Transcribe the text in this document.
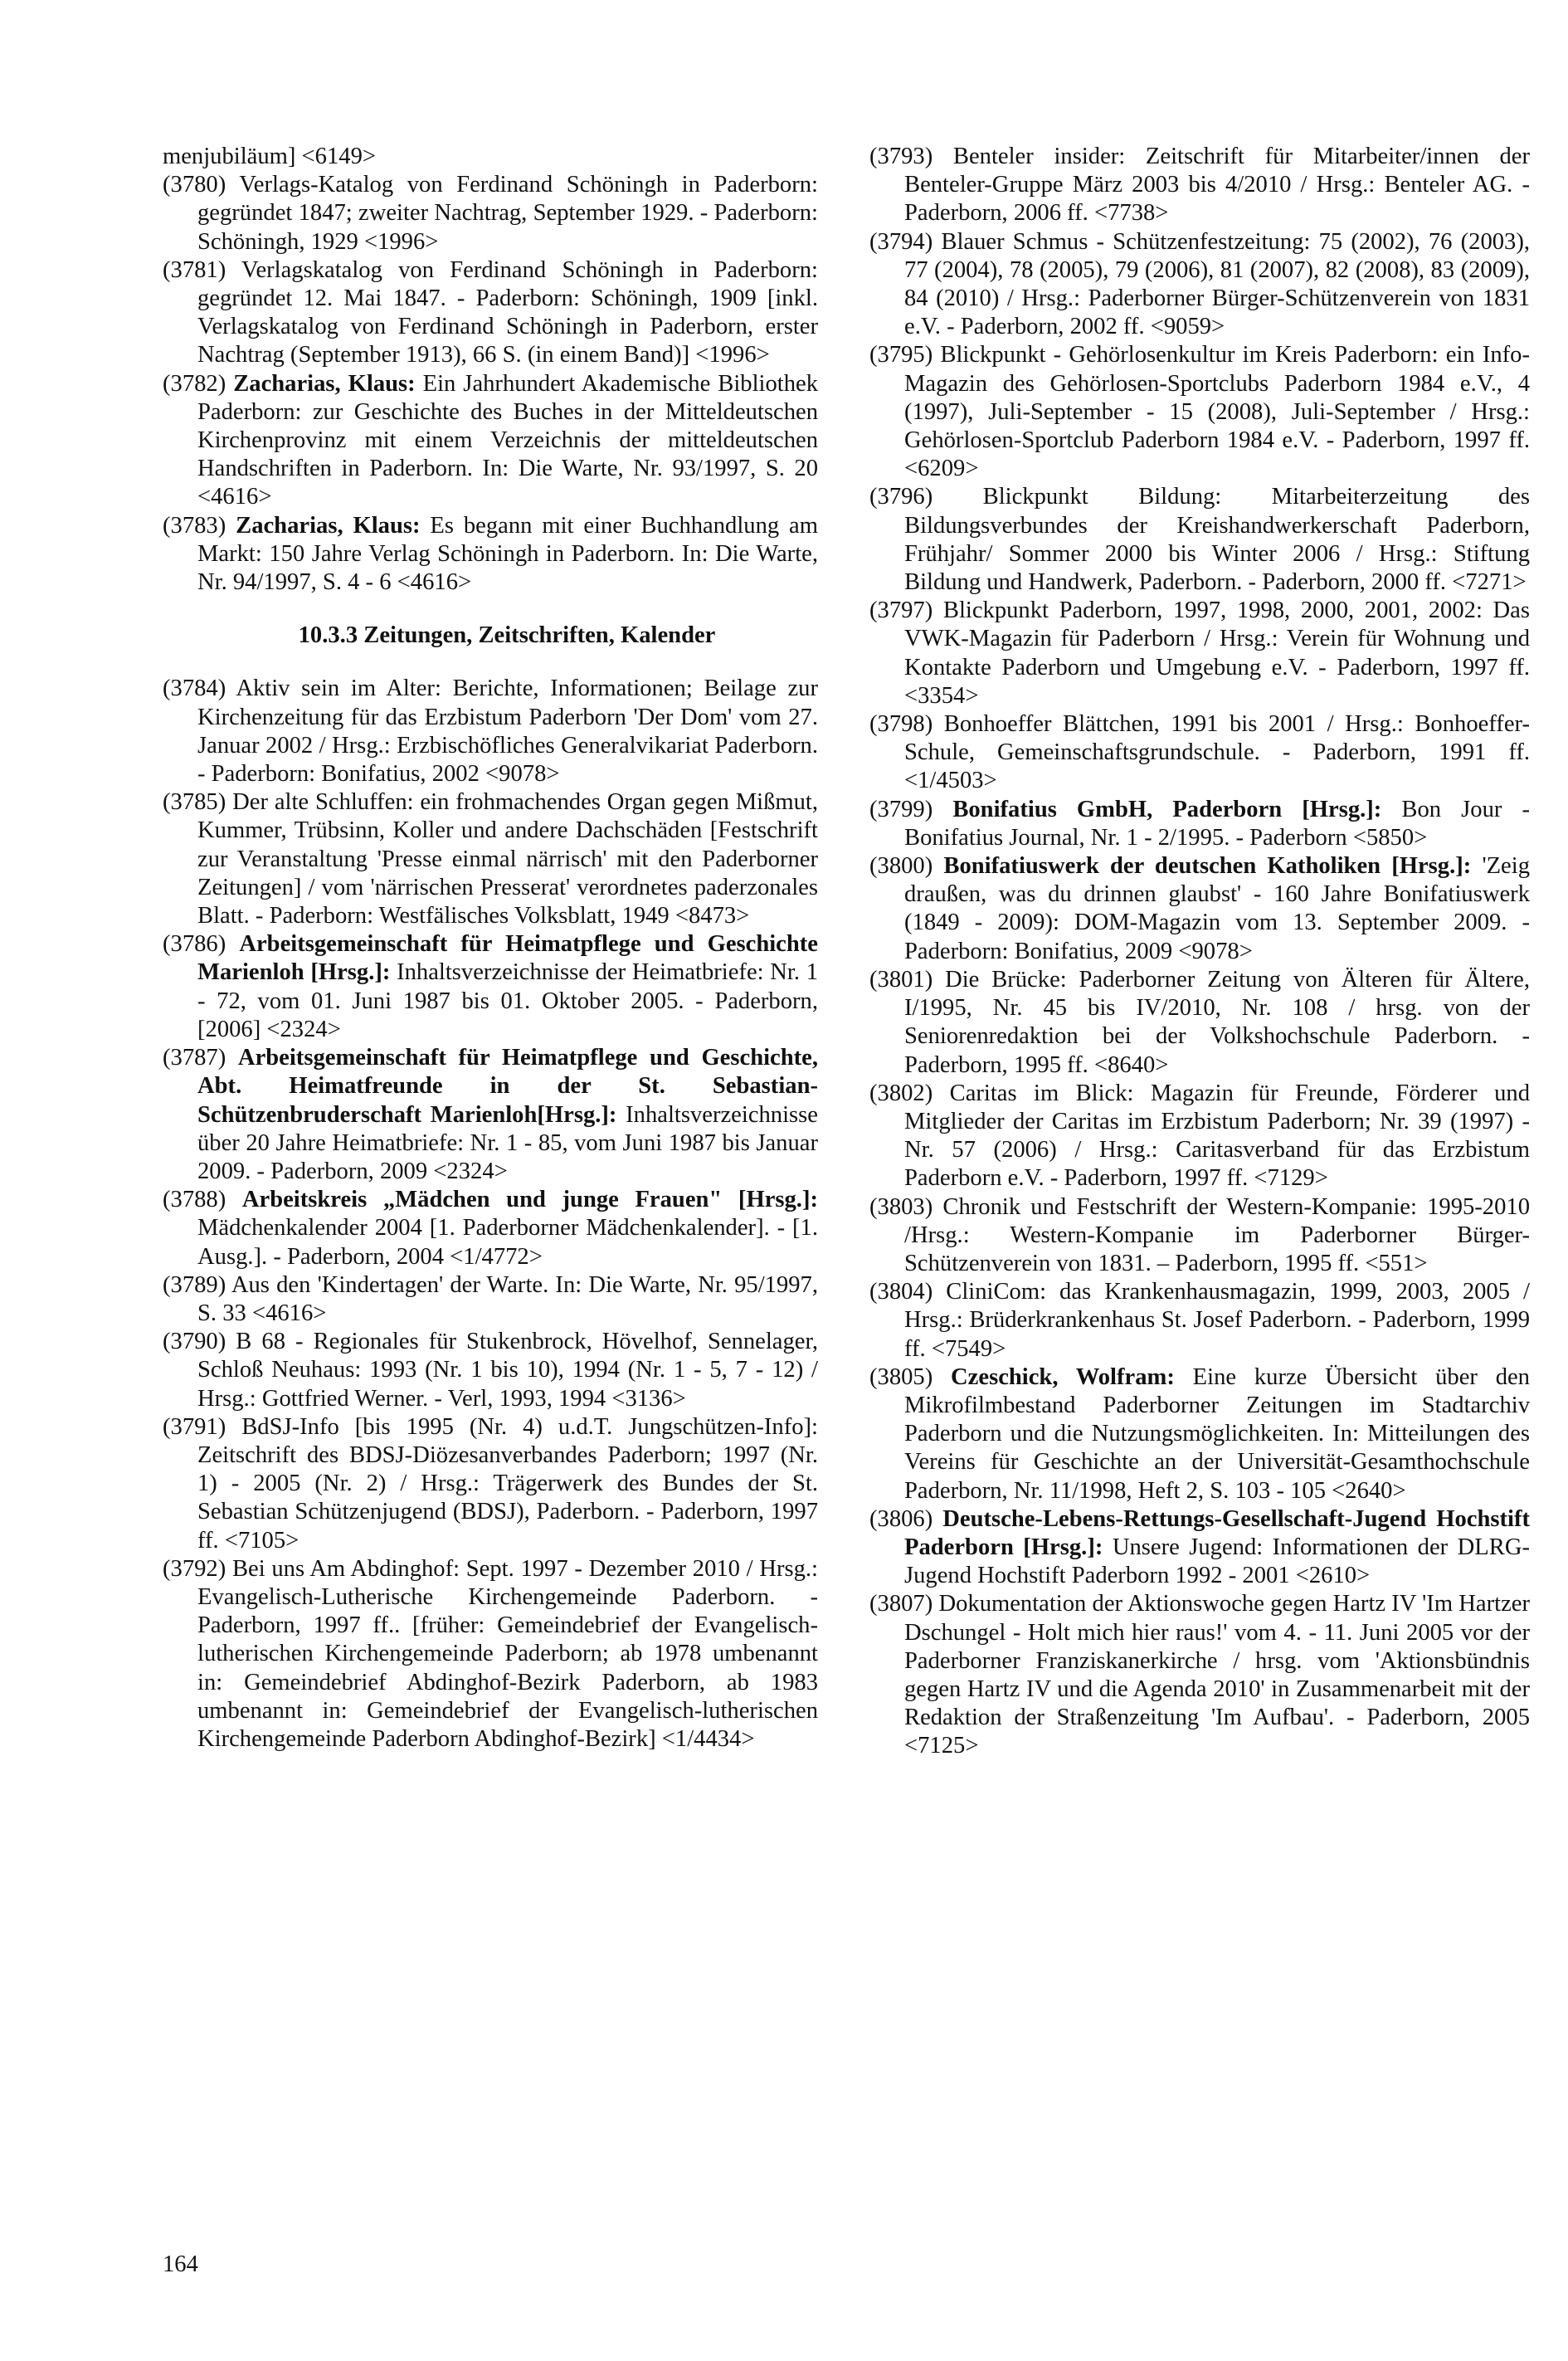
menjubiläum] <6149>

(3780) Verlags-Katalog von Ferdinand Schöningh in Paderborn: gegründet 1847; zweiter Nachtrag, September 1929. - Paderborn: Schöningh, 1929 <1996>

(3781) Verlagskatalog von Ferdinand Schöningh in Paderborn: gegründet 12. Mai 1847. - Paderborn: Schöningh, 1909 [inkl. Verlagskatalog von Ferdinand Schöningh in Paderborn, erster Nachtrag (September 1913), 66 S. (in einem Band)] <1996>

(3782) Zacharias, Klaus: Ein Jahrhundert Akademische Bibliothek Paderborn: zur Geschichte des Buches in der Mitteldeutschen Kirchenprovinz mit einem Verzeichnis der mitteldeutschen Handschriften in Paderborn. In: Die Warte, Nr. 93/1997, S. 20 <4616>

(3783) Zacharias, Klaus: Es begann mit einer Buchhandlung am Markt: 150 Jahre Verlag Schöningh in Paderborn. In: Die Warte, Nr. 94/1997, S. 4 - 6 <4616>

10.3.3 Zeitungen, Zeitschriften, Kalender

(3784) Aktiv sein im Alter: Berichte, Informationen; Beilage zur Kirchenzeitung für das Erzbistum Paderborn 'Der Dom' vom 27. Januar 2002 / Hrsg.: Erzbischöfliches Generalvikariat Paderborn. - Paderborn: Bonifatius, 2002 <9078>

(3785) Der alte Schluffen: ein frohmachendes Organ gegen Mißmut, Kummer, Trübsinn, Koller und andere Dachschäden [Festschrift zur Veranstaltung 'Presse einmal närrisch' mit den Paderborner Zeitungen] / vom 'närrischen Presserat' verordnetes paderzonales Blatt. - Paderborn: Westfälisches Volksblatt, 1949 <8473>

(3786) Arbeitsgemeinschaft für Heimatpflege und Geschichte Marienloh [Hrsg.]: Inhaltsverzeichnisse der Heimatbriefe: Nr. 1 - 72, vom 01. Juni 1987 bis 01. Oktober 2005. - Paderborn, [2006] <2324>

(3787) Arbeitsgemeinschaft für Heimatpflege und Geschichte, Abt. Heimatfreunde in der St. Sebastian-Schützenbruderschaft Marienloh[Hrsg.]: Inhaltsverzeichnisse über 20 Jahre Heimatbriefe: Nr. 1 - 85, vom Juni 1987 bis Januar 2009. - Paderborn, 2009 <2324>

(3788) Arbeitskreis „Mädchen und junge Frauen" [Hrsg.]: Mädchenkalender 2004 [1. Paderborner Mädchenkalender]. - [1. Ausg.]. - Paderborn, 2004 <1/4772>

(3789) Aus den 'Kindertagen' der Warte. In: Die Warte, Nr. 95/1997, S. 33 <4616>

(3790) B 68 - Regionales für Stukenbrock, Hövelhof, Sennelager, Schloß Neuhaus: 1993 (Nr. 1 bis 10), 1994 (Nr. 1 - 5, 7 - 12) / Hrsg.: Gottfried Werner. - Verl, 1993, 1994 <3136>

(3791) BdSJ-Info [bis 1995 (Nr. 4) u.d.T. Jungschützen-Info]: Zeitschrift des BDSJ-Diözesanverbandes Paderborn; 1997 (Nr. 1) - 2005 (Nr. 2) / Hrsg.: Trägerwerk des Bundes der St. Sebastian Schützenjugend (BDSJ), Paderborn. - Paderborn, 1997 ff. <7105>

(3792) Bei uns Am Abdinghof: Sept. 1997 - Dezember 2010 / Hrsg.: Evangelisch-Lutherische Kirchengemeinde Paderborn. - Paderborn, 1997 ff.. [früher: Gemeindebrief der Evangelisch-lutherischen Kirchengemeinde Paderborn; ab 1978 umbenannt in: Gemeindebrief Abdinghof-Bezirk Paderborn, ab 1983 umbenannt in: Gemeindebrief der Evangelisch-lutherischen Kirchengemeinde Paderborn Abdinghof-Bezirk] <1/4434>

(3793) Benteler insider: Zeitschrift für Mitarbeiter/innen der Benteler-Gruppe März 2003 bis 4/2010 / Hrsg.: Benteler AG. - Paderborn, 2006 ff. <7738>

(3794) Blauer Schmus - Schützenfestzeitung: 75 (2002), 76 (2003), 77 (2004), 78 (2005), 79 (2006), 81 (2007), 82 (2008), 83 (2009), 84 (2010) / Hrsg.: Paderborner Bürger-Schützenverein von 1831 e.V. - Paderborn, 2002 ff. <9059>

(3795) Blickpunkt - Gehörlosenkultur im Kreis Paderborn: ein Info-Magazin des Gehörlosen-Sportclubs Paderborn 1984 e.V., 4 (1997), Juli-September - 15 (2008), Juli-September / Hrsg.: Gehörlosen-Sportclub Paderborn 1984 e.V. - Paderborn, 1997 ff. <6209>

(3796) Blickpunkt Bildung: Mitarbeiterzeitung des Bildungsverbundes der Kreishandwerkerschaft Paderborn, Frühjahr/ Sommer 2000 bis Winter 2006 / Hrsg.: Stiftung Bildung und Handwerk, Paderborn. - Paderborn, 2000 ff. <7271>

(3797) Blickpunkt Paderborn, 1997, 1998, 2000, 2001, 2002: Das VWK-Magazin für Paderborn / Hrsg.: Verein für Wohnung und Kontakte Paderborn und Umgebung e.V. - Paderborn, 1997 ff. <3354>

(3798) Bonhoeffer Blättchen, 1991 bis 2001 / Hrsg.: Bonhoeffer-Schule, Gemeinschaftsgrundschule. - Paderborn, 1991 ff. <1/4503>

(3799) Bonifatius GmbH, Paderborn [Hrsg.]: Bon Jour - Bonifatius Journal, Nr. 1 - 2/1995. - Paderborn <5850>

(3800) Bonifatiuswerk der deutschen Katholiken [Hrsg.]: 'Zeig draußen, was du drinnen glaubst' - 160 Jahre Bonifatiuswerk (1849 - 2009): DOM-Magazin vom 13. September 2009. - Paderborn: Bonifatius, 2009 <9078>

(3801) Die Brücke: Paderborner Zeitung von Älteren für Ältere, I/1995, Nr. 45 bis IV/2010, Nr. 108 / hrsg. von der Seniorenredaktion bei der Volkshochschule Paderborn. - Paderborn, 1995 ff. <8640>

(3802) Caritas im Blick: Magazin für Freunde, Förderer und Mitglieder der Caritas im Erzbistum Paderborn; Nr. 39 (1997) - Nr. 57 (2006) / Hrsg.: Caritasverband für das Erzbistum Paderborn e.V. - Paderborn, 1997 ff. <7129>

(3803) Chronik und Festschrift der Western-Kompanie: 1995-2010 /Hrsg.: Western-Kompanie im Paderborner Bürger-Schützenverein von 1831. – Paderborn, 1995 ff. <551>

(3804) CliniCom: das Krankenhausmagazin, 1999, 2003, 2005 / Hrsg.: Brüderkrankenhaus St. Josef Paderborn. - Paderborn, 1999 ff. <7549>

(3805) Czeschick, Wolfram: Eine kurze Übersicht über den Mikrofilmbestand Paderborner Zeitungen im Stadtarchiv Paderborn und die Nutzungsmöglichkeiten. In: Mitteilungen des Vereins für Geschichte an der Universität-Gesamthochschule Paderborn, Nr. 11/1998, Heft 2, S. 103 - 105 <2640>

(3806) Deutsche-Lebens-Rettungs-Gesellschaft-Jugend Hochstift Paderborn [Hrsg.]: Unsere Jugend: Informationen der DLRG-Jugend Hochstift Paderborn 1992 - 2001 <2610>

(3807) Dokumentation der Aktionswoche gegen Hartz IV 'Im Hartzer Dschungel - Holt mich hier raus!' vom 4. - 11. Juni 2005 vor der Paderborner Franziskanerkirche / hrsg. vom 'Aktionsbündnis gegen Hartz IV und die Agenda 2010' in Zusammenarbeit mit der Redaktion der Straßenzeitung 'Im Aufbau'. - Paderborn, 2005 <7125>

164
